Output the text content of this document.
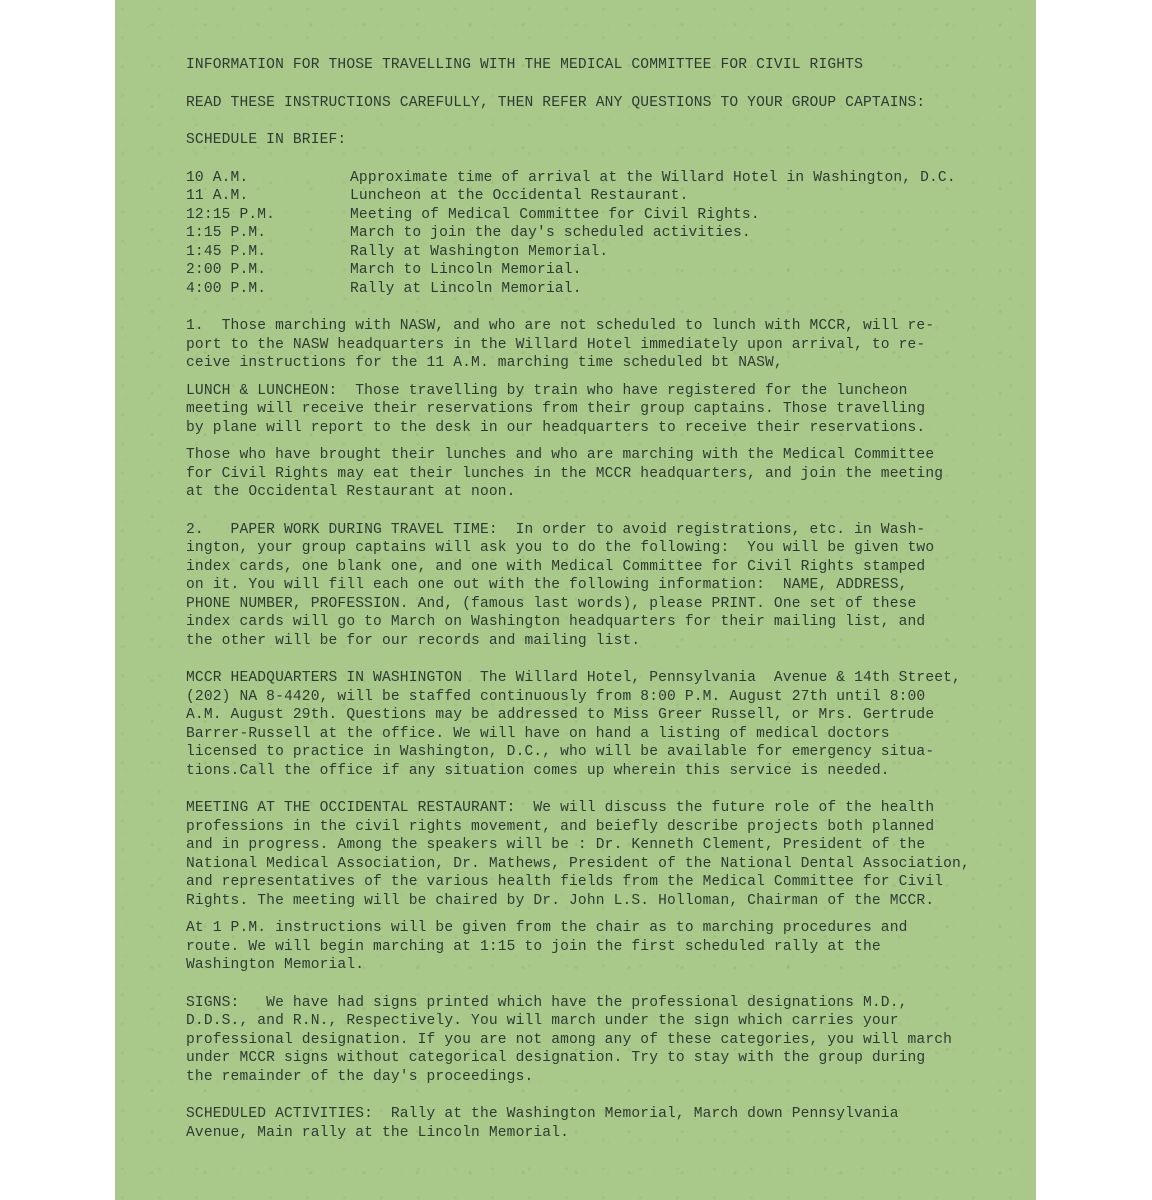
INFORMATION FOR THOSE TRAVELLING WITH THE MEDICAL COMMITTEE FOR CIVIL RIGHTS
READ THESE INSTRUCTIONS CAREFULLY, THEN REFER ANY QUESTIONS TO YOUR GROUP CAPTAINS:
SCHEDULE IN BRIEF:
10 A.M.	Approximate time of arrival at the Willard Hotel in Washington, D.C.
11 A.M.	Luncheon at the Occidental Restaurant.
12:15 P.M.	Meeting of Medical Committee for Civil Rights.
1:15 P.M.	March to join the day's scheduled activities.
1:45 P.M.	Rally at Washington Memorial.
2:00 P.M.	March to Lincoln Memorial.
4:00 P.M.	Rally at Lincoln Memorial.
1.  Those marching with NASW, and who are not scheduled to lunch with MCCR, will re-
port to the NASW headquarters in the Willard Hotel immediately upon arrival, to re-
ceive instructions for the 11 A.M. marching time scheduled bt NASW,
LUNCH & LUNCHEON:  Those travelling by train who have registered for the luncheon
meeting will receive their reservations from their group captains. Those travelling
by plane will report to the desk in our headquarters to receive their reservations.
Those who have brought their lunches and who are marching with the Medical Committee
for Civil Rights may eat their lunches in the MCCR headquarters, and join the meeting
at the Occidental Restaurant at noon.
2.   PAPER WORK DURING TRAVEL TIME:  In order to avoid registrations, etc. in Wash-
ington, your group captains will ask you to do the following:  You will be given two
index cards, one blank one, and one with Medical Committee for Civil Rights stamped
on it. You will fill each one out with the following information:  NAME, ADDRESS,
PHONE NUMBER, PROFESSION. And, (famous last words), please PRINT. One set of these
index cards will go to March on Washington headquarters for their mailing list, and
the other will be for our records and mailing list.
MCCR HEADQUARTERS IN WASHINGTON  The Willard Hotel, Pennsylvania  Avenue & 14th Street,
(202) NA 8-4420, will be staffed continuously from 8:00 P.M. August 27th until 8:00
A.M. August 29th. Questions may be addressed to Miss Greer Russell, or Mrs. Gertrude
Barrer-Russell at the office. We will have on hand a listing of medical doctors
licensed to practice in Washington, D.C., who will be available for emergency situa-
tions.Call the office if any situation comes up wherein this service is needed.
MEETING AT THE OCCIDENTAL RESTAURANT:  We will discuss the future role of the health
professions in the civil rights movement, and beiefly describe projects both planned
and in progress. Among the speakers will be : Dr. Kenneth Clement, President of the
National Medical Association, Dr. Mathews, President of the National Dental Association,
and representatives of the various health fields from the Medical Committee for Civil
Rights. The meeting will be chaired by Dr. John L.S. Holloman, Chairman of the MCCR.
At 1 P.M. instructions will be given from the chair as to marching procedures and
route. We will begin marching at 1:15 to join the first scheduled rally at the
Washington Memorial.
SIGNS:   We have had signs printed which have the professional designations M.D.,
D.D.S., and R.N., Respectively. You will march under the sign which carries your
professional designation. If you are not among any of these categories, you will march
under MCCR signs without categorical designation. Try to stay with the group during
the remainder of the day's proceedings.
SCHEDULED ACTIVITIES:  Rally at the Washington Memorial, March down Pennsylvania
Avenue, Main rally at the Lincoln Memorial.
